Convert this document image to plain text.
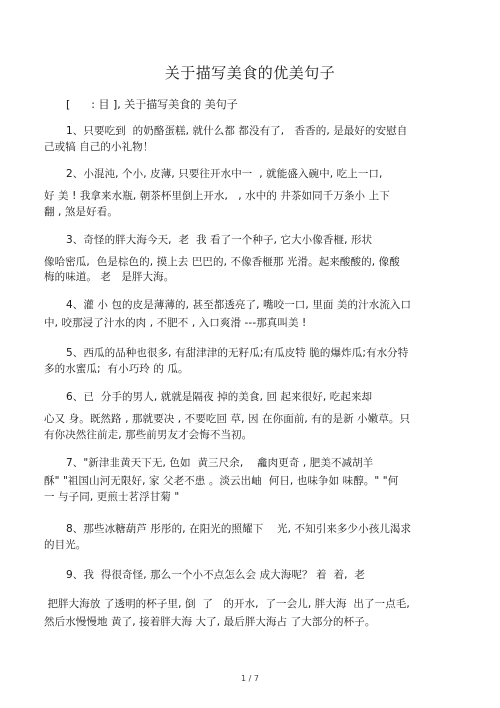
关于描写美食的优美句子
[      : 目 ], 关于描写美食的 美句子
1、只要吃到  的奶酪蛋糕, 就什么都 都没有了,   香香的, 是最好的安慰自
己或犒 自己的小礼物！
2、小混沌, 个小, 皮薄, 只要往开水中一  , 就能盛入碗中, 吃上一口,
好 美 ! 我拿来水瓶, 朝茶杯里倒上开水,   , 水中的 井茶如同千万条小 上下
翻 , 煞是好看。
3、奇怪的胖大海今天,  老  我 看了一个种子, 它大小像香榧, 形状
像哈密瓜,  色是棕色的, 摸上去 巴巴的, 不像香榧那 光滑。起来酸酸的, 像酸
梅的味道。 老   是胖大海。
4、灌 小 包的皮是薄薄的, 甚至都透亮了, 嘴咬一口, 里面 美的汁水流入口
中, 咬那浸了汁水的肉 , 不肥不 , 入口爽滑 ---那真叫美 !
5、西瓜的品种也很多, 有甜津津的无籽瓜;有瓜皮特 脆的爆炸瓜;有水分特
多的水蜜瓜;  有小巧玲 的 瓜。
6、已  分手的男人, 就就是隔夜 掉的美食, 回 起来很好, 吃起来却
心又 身。既然路 , 那就要决 , 不要吃回 草, 因 在你面前, 有的是新 小嫩草。只
有你决然往前走, 那些前男友才会悔不当初。
7、"新津韭黄天下无, 色如  黄三尺余,    龕肉更奇 , 肥美不减胡羊
酥" "祖国山河无限好, 家 父老不患 。淡云出岫  何日, 也味争如 味醇。" "何
一 与子同, 更煎士茗浮甘菊 "
8、那些冰糖葫芦 彤彤的, 在阳光的照耀下    光, 不知引来多少小孩儿渴求
的目光。
9、我  得很奇怪, 那么一个小不点怎么会 成大海呢？ 着  着,  老
把胖大海放 了透明的杯子里, 倒  了   的开水,  了一会儿, 胖大海  出了一点毛,
然后水慢慢地 黄了, 接着胖大海 大了, 最后胖大海占 了大部分的杯子。
1 / 7
